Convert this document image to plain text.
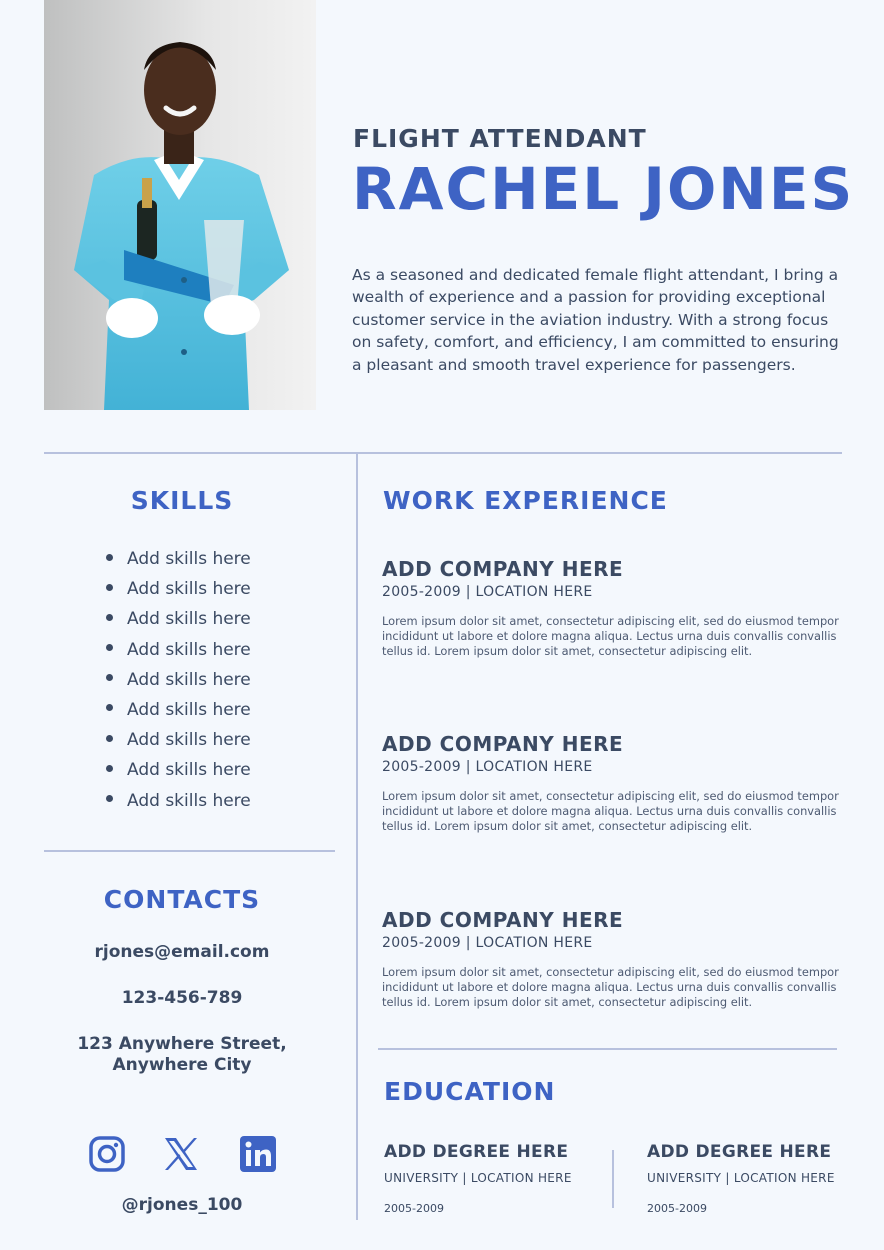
FLIGHT ATTENDANT
RACHEL JONES
As a seasoned and dedicated female flight attendant, I bring a wealth of experience and a passion for providing exceptional customer service in the aviation industry. With a strong focus on safety, comfort, and efficiency, I am committed to ensuring a pleasant and smooth travel experience for passengers.
SKILLS
Add skills here
Add skills here
Add skills here
Add skills here
Add skills here
Add skills here
Add skills here
Add skills here
Add skills here
CONTACTS
rjones@email.com
123-456-789
123 Anywhere Street,
Anywhere City
@rjones_100
WORK EXPERIENCE
ADD COMPANY HERE
2005-2009 | LOCATION HERE
Lorem ipsum dolor sit amet, consectetur adipiscing elit, sed do eiusmod tempor incididunt ut labore et dolore magna aliqua. Lectus urna duis convallis convallis tellus id. Lorem ipsum dolor sit amet, consectetur adipiscing elit.
ADD COMPANY HERE
2005-2009 | LOCATION HERE
Lorem ipsum dolor sit amet, consectetur adipiscing elit, sed do eiusmod tempor incididunt ut labore et dolore magna aliqua. Lectus urna duis convallis convallis tellus id. Lorem ipsum dolor sit amet, consectetur adipiscing elit.
ADD COMPANY HERE
2005-2009 | LOCATION HERE
Lorem ipsum dolor sit amet, consectetur adipiscing elit, sed do eiusmod tempor incididunt ut labore et dolore magna aliqua. Lectus urna duis convallis convallis tellus id. Lorem ipsum dolor sit amet, consectetur adipiscing elit.
EDUCATION
ADD DEGREE HERE
UNIVERSITY | LOCATION HERE
2005-2009
ADD DEGREE HERE
UNIVERSITY | LOCATION HERE
2005-2009
